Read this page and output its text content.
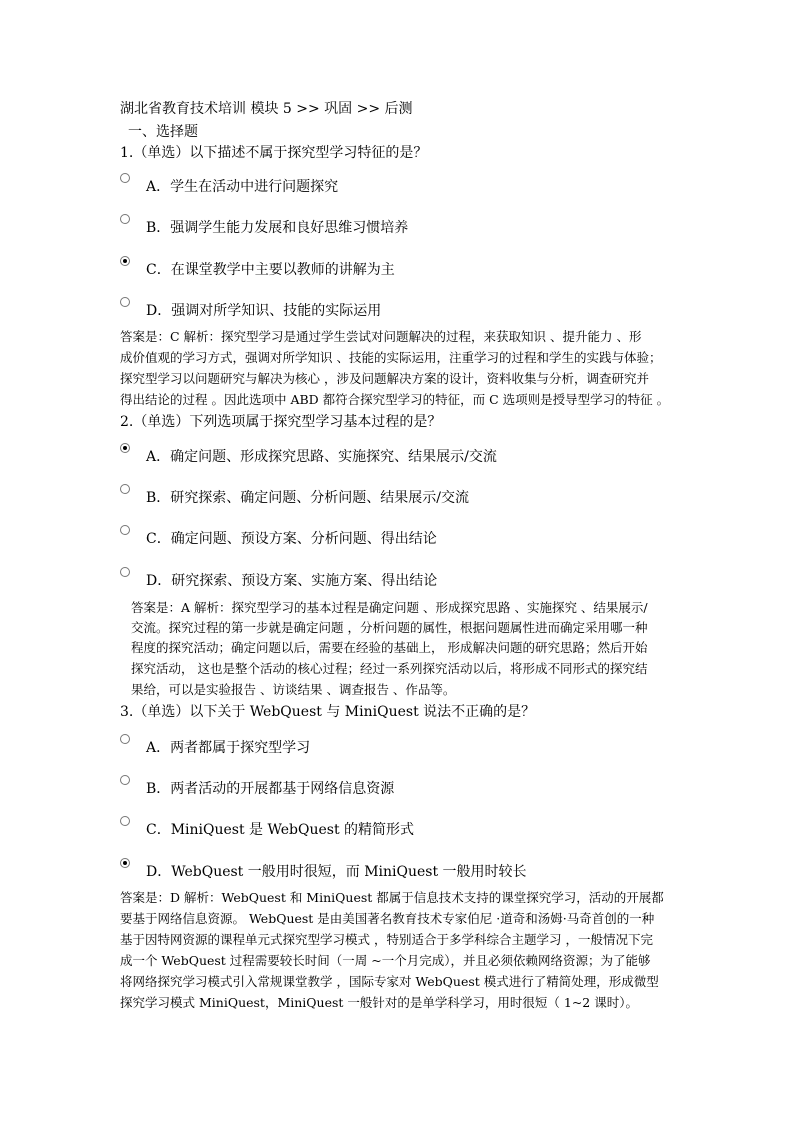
湖北省教育技术培训 模块 5 >> 巩固 >> 后测
一、选择题
1.（单选）以下描述不属于探究型学习特征的是？
A．学生在活动中进行问题探究
B．强调学生能力发展和良好思维习惯培养
C．在课堂教学中主要以教师的讲解为主
D．强调对所学知识、技能的实际运用
答案是：C 解析：探究型学习是通过学生尝试对问题解决的过程，来获取知识 、提升能力 、形
成价值观的学习方式，强调对所学知识 、技能的实际运用，注重学习的过程和学生的实践与体验；
探究型学习以问题研究与解决为核心 ，涉及问题解决方案的设计，资料收集与分析，调查研究并
得出结论的过程 。因此选项中 ABD 都符合探究型学习的特征，而 C 选项则是授导型学习的特征 。
2.（单选）下列选项属于探究型学习基本过程的是？
A．确定问题、形成探究思路、实施探究、结果展示/交流
B．研究探索、确定问题、分析问题、结果展示/交流
C．确定问题、预设方案、分析问题、得出结论
D．研究探索、预设方案、实施方案、得出结论
答案是：A 解析：探究型学习的基本过程是确定问题 、形成探究思路 、实施探究 、结果展示/
交流。探究过程的第一步就是确定问题 ，分析问题的属性，根据问题属性进而确定采用哪一种
程度的探究活动；确定问题以后，需要在经验的基础上， 形成解决问题的研究思路；然后开始
探究活动， 这也是整个活动的核心过程；经过一系列探究活动以后，将形成不同形式的探究结
果给，可以是实验报告 、访谈结果 、调查报告 、作品等。
3.（单选）以下关于 WebQuest 与 MiniQuest 说法不正确的是？
A．两者都属于探究型学习
B．两者活动的开展都基于网络信息资源
C．MiniQuest 是 WebQuest 的精简形式
D．WebQuest 一般用时很短，而 MiniQuest 一般用时较长
答案是：D 解析：WebQuest 和 MiniQuest 都属于信息技术支持的课堂探究学习，活动的开展都
要基于网络信息资源。 WebQuest 是由美国著名教育技术专家伯尼 ·道奇和汤姆·马奇首创的一种
基于因特网资源的课程单元式探究型学习模式 ，特别适合于多学科综合主题学习 ，一般情况下完
成一个 WebQuest 过程需要较长时间（一周 ~一个月完成），并且必须依赖网络资源；为了能够
将网络探究学习模式引入常规课堂教学 ，国际专家对 WebQuest 模式进行了精简处理，形成微型
探究学习模式 MiniQuest，MiniQuest 一般针对的是单学科学习，用时很短（ 1~2 课时）。
